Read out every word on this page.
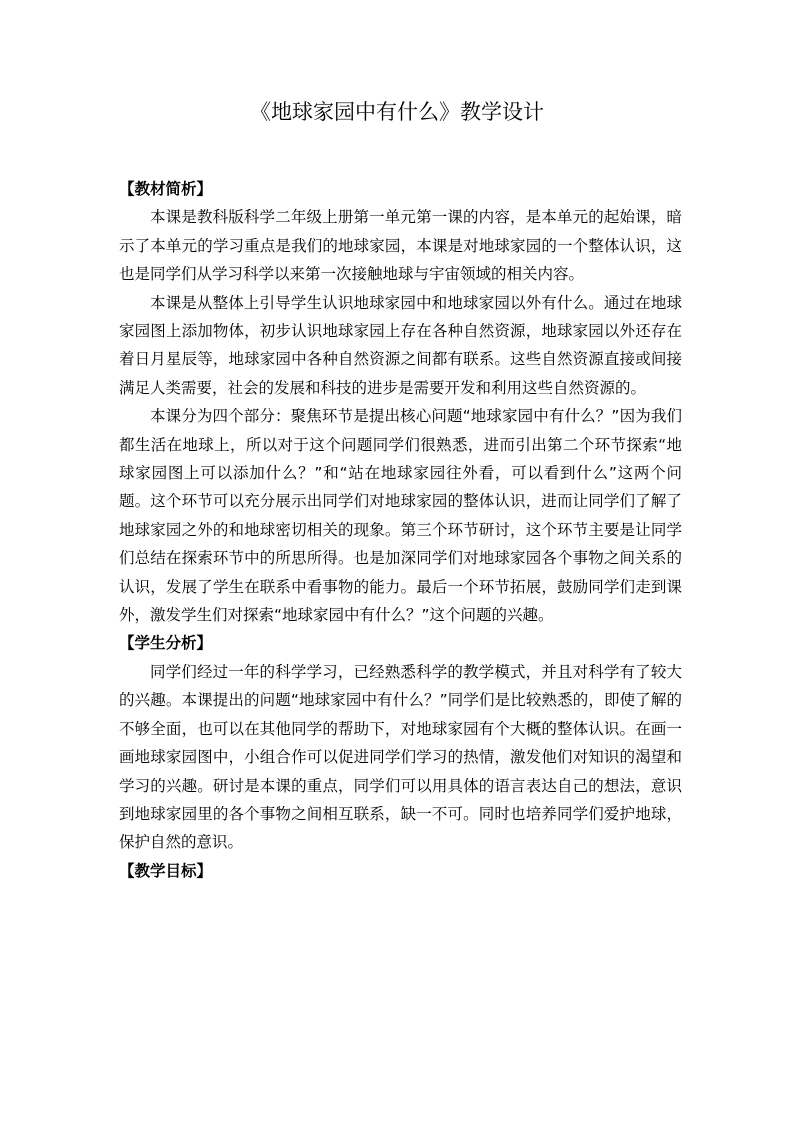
《地球家园中有什么》教学设计

【教材简析】

本课是教科版科学二年级上册第一单元第一课的内容，是本单元的起始课，暗示了本单元的学习重点是我们的地球家园，本课是对地球家园的一个整体认识，这也是同学们从学习科学以来第一次接触地球与宇宙领域的相关内容。

本课是从整体上引导学生认识地球家园中和地球家园以外有什么。通过在地球家园图上添加物体，初步认识地球家园上存在各种自然资源，地球家园以外还存在着日月星辰等，地球家园中各种自然资源之间都有联系。这些自然资源直接或间接满足人类需要，社会的发展和科技的进步是需要开发和利用这些自然资源的。

本课分为四个部分：聚焦环节是提出核心问题“地球家园中有什么？”因为我们都生活在地球上，所以对于这个问题同学们很熟悉，进而引出第二个环节探索“地球家园图上可以添加什么？”和“站在地球家园往外看，可以看到什么”这两个问题。这个环节可以充分展示出同学们对地球家园的整体认识，进而让同学们了解了地球家园之外的和地球密切相关的现象。第三个环节研讨，这个环节主要是让同学们总结在探索环节中的所思所得。也是加深同学们对地球家园各个事物之间关系的认识，发展了学生在联系中看事物的能力。最后一个环节拓展，鼓励同学们走到课外，激发学生们对探索“地球家园中有什么？”这个问题的兴趣。

【学生分析】

同学们经过一年的科学学习，已经熟悉科学的教学模式，并且对科学有了较大的兴趣。本课提出的问题“地球家园中有什么？”同学们是比较熟悉的，即使了解的不够全面，也可以在其他同学的帮助下，对地球家园有个大概的整体认识。在画一画地球家园图中，小组合作可以促进同学们学习的热情，激发他们对知识的渴望和学习的兴趣。研讨是本课的重点，同学们可以用具体的语言表达自己的想法，意识到地球家园里的各个事物之间相互联系，缺一不可。同时也培养同学们爱护地球，保护自然的意识。

【教学目标】
